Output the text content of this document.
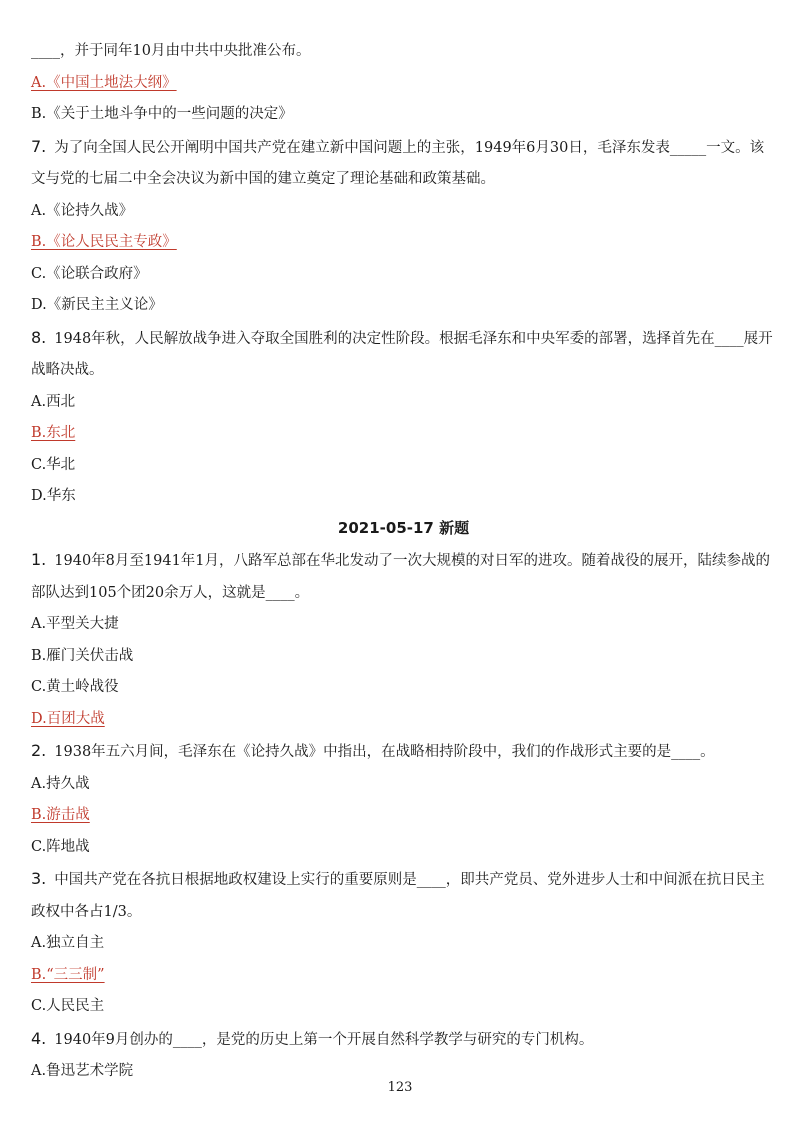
____，并于同年10月由中共中央批准公布。
A.《中国土地法大纲》
B.《关于土地斗争中的一些问题的决定》
7. 为了向全国人民公开阐明中国共产党在建立新中国问题上的主张，1949年6月30日，毛泽东发表_____一文。该文与党的七届二中全会决议为新中国的建立奠定了理论基础和政策基础。
A.《论持久战》
B.《论人民民主专政》
C.《论联合政府》
D.《新民主主义论》
8. 1948年秋，人民解放战争进入夺取全国胜利的决定性阶段。根据毛泽东和中央军委的部署，选择首先在____展开战略决战。
A.西北
B.东北
C.华北
D.华东
2021-05-17 新题
1. 1940年8月至1941年1月，八路军总部在华北发动了一次大规模的对日军的进攻。随着战役的展开，陆续参战的部队达到105个团20余万人，这就是____。
A.平型关大捷
B.雁门关伏击战
C.黄土岭战役
D.百团大战
2. 1938年五六月间，毛泽东在《论持久战》中指出，在战略相持阶段中，我们的作战形式主要的是____。
A.持久战
B.游击战
C.阵地战
3. 中国共产党在各抗日根据地政权建设上实行的重要原则是____，即共产党员、党外进步人士和中间派在抗日民主政权中各占1/3。
A.独立自主
B.“三三制”
C.人民民主
4. 1940年9月创办的____，是党的历史上第一个开展自然科学教学与研究的专门机构。
A.鲁迅艺术学院
123
